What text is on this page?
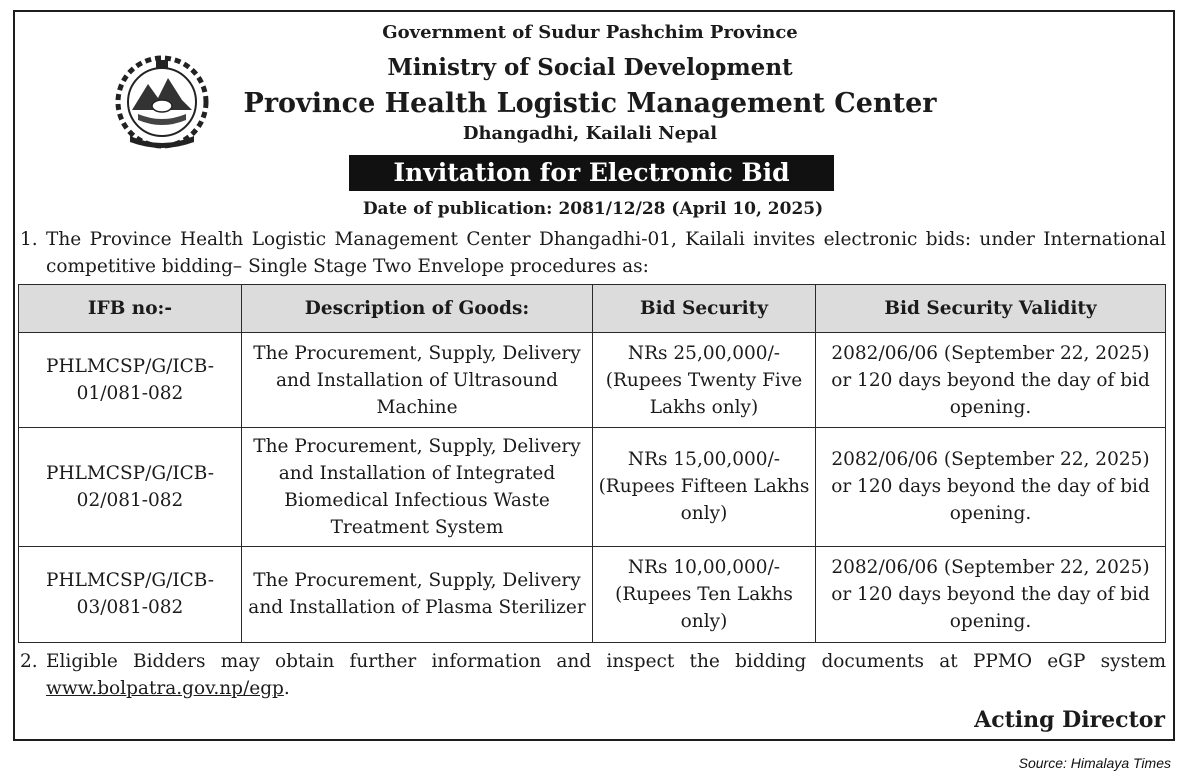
Government of Sudur Pashchim Province
Ministry of Social Development
Province Health Logistic Management Center
Dhangadhi, Kailali Nepal
Invitation for Electronic Bid
Date of publication: 2081/12/28 (April 10, 2025)
1. The Province Health Logistic Management Center Dhangadhi-01, Kailali invites electronic bids: under International competitive bidding– Single Stage Two Envelope procedures as:
IFB no:-	Description of Goods:	Bid Security	Bid Security Validity
PHLMCSP/G/ICB-01/081-082	The Procurement, Supply, Delivery and Installation of Ultrasound Machine	NRs 25,00,000/- (Rupees Twenty Five Lakhs only)	2082/06/06 (September 22, 2025) or 120 days beyond the day of bid opening.
PHLMCSP/G/ICB-02/081-082	The Procurement, Supply, Delivery and Installation of Integrated Biomedical Infectious Waste Treatment System	NRs 15,00,000/- (Rupees Fifteen Lakhs only)	2082/06/06 (September 22, 2025) or 120 days beyond the day of bid opening.
PHLMCSP/G/ICB-03/081-082	The Procurement, Supply, Delivery and Installation of Plasma Sterilizer	NRs 10,00,000/- (Rupees Ten Lakhs only)	2082/06/06 (September 22, 2025) or 120 days beyond the day of bid opening.
2. Eligible Bidders may obtain further information and inspect the bidding documents at PPMO eGP system www.bolpatra.gov.np/egp.
Acting Director
Source: Himalaya Times
